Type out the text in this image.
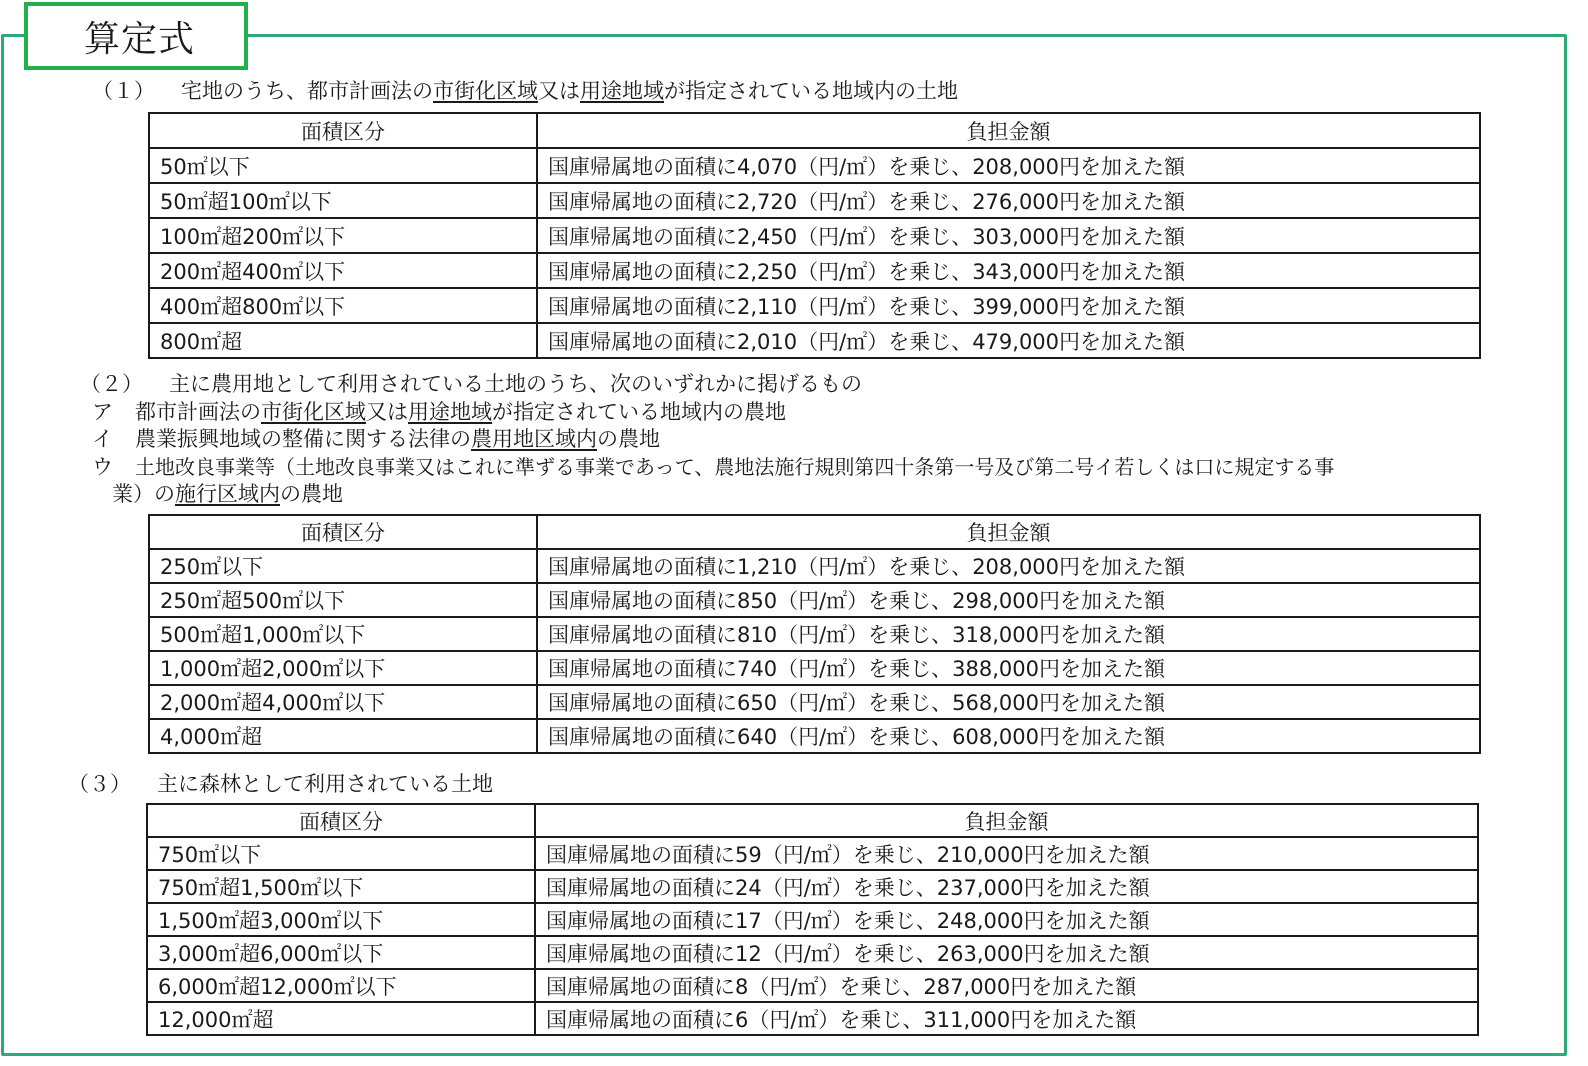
算定式
（１） 宅地のうち、都市計画法の市街化区域又は用途地域が指定されている地域内の土地
面積区分	負担金額
50㎡以下	国庫帰属地の面積に4,070（円/㎡）を乗じ、208,000円を加えた額
50㎡超100㎡以下	国庫帰属地の面積に2,720（円/㎡）を乗じ、276,000円を加えた額
100㎡超200㎡以下	国庫帰属地の面積に2,450（円/㎡）を乗じ、303,000円を加えた額
200㎡超400㎡以下	国庫帰属地の面積に2,250（円/㎡）を乗じ、343,000円を加えた額
400㎡超800㎡以下	国庫帰属地の面積に2,110（円/㎡）を乗じ、399,000円を加えた額
800㎡超	国庫帰属地の面積に2,010（円/㎡）を乗じ、479,000円を加えた額
（２） 主に農用地として利用されている土地のうち、次のいずれかに掲げるもの
ア 都市計画法の市街化区域又は用途地域が指定されている地域内の農地
イ 農業振興地域の整備に関する法律の農用地区域内の農地
ウ 土地改良事業等（土地改良事業又はこれに準ずる事業であって、農地法施行規則第四十条第一号及び第二号イ若しくは口に規定する事
業）の施行区域内の農地
面積区分	負担金額
250㎡以下	国庫帰属地の面積に1,210（円/㎡）を乗じ、208,000円を加えた額
250㎡超500㎡以下	国庫帰属地の面積に850（円/㎡）を乗じ、298,000円を加えた額
500㎡超1,000㎡以下	国庫帰属地の面積に810（円/㎡）を乗じ、318,000円を加えた額
1,000㎡超2,000㎡以下	国庫帰属地の面積に740（円/㎡）を乗じ、388,000円を加えた額
2,000㎡超4,000㎡以下	国庫帰属地の面積に650（円/㎡）を乗じ、568,000円を加えた額
4,000㎡超	国庫帰属地の面積に640（円/㎡）を乗じ、608,000円を加えた額
（３） 主に森林として利用されている土地
面積区分	負担金額
750㎡以下	国庫帰属地の面積に59（円/㎡）を乗じ、210,000円を加えた額
750㎡超1,500㎡以下	国庫帰属地の面積に24（円/㎡）を乗じ、237,000円を加えた額
1,500㎡超3,000㎡以下	国庫帰属地の面積に17（円/㎡）を乗じ、248,000円を加えた額
3,000㎡超6,000㎡以下	国庫帰属地の面積に12（円/㎡）を乗じ、263,000円を加えた額
6,000㎡超12,000㎡以下	国庫帰属地の面積に8（円/㎡）を乗じ、287,000円を加えた額
12,000㎡超	国庫帰属地の面積に6（円/㎡）を乗じ、311,000円を加えた額
